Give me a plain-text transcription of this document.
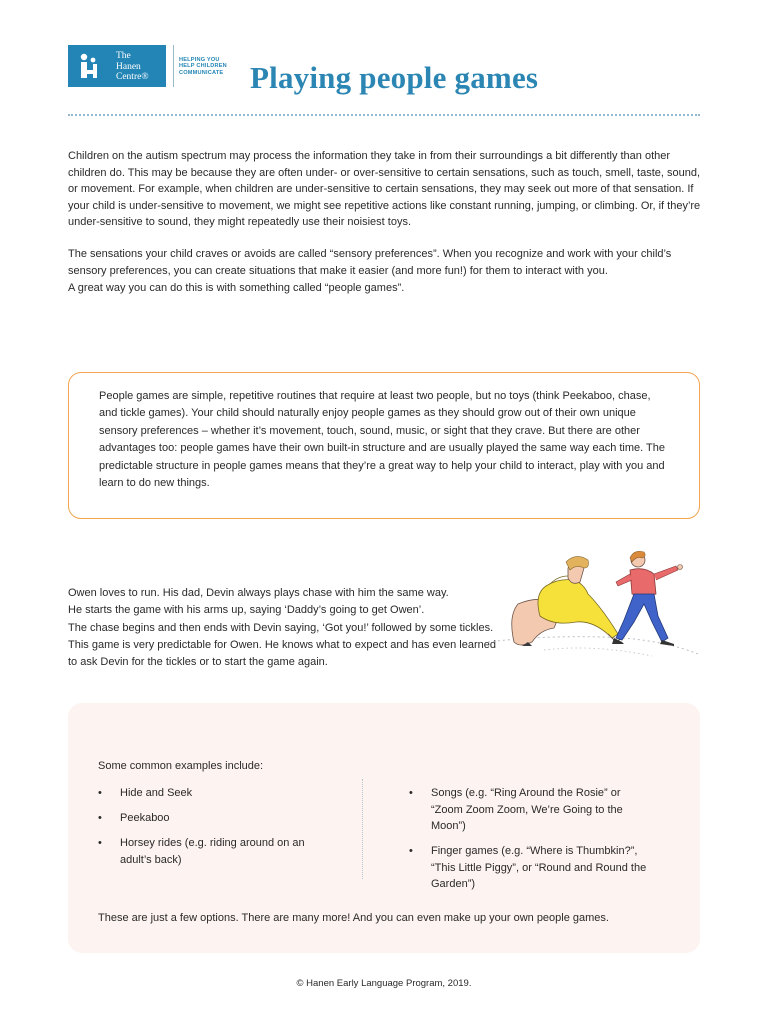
The
Hanen
Centre®
HELPING YOU
HELP CHILDREN
COMMUNICATE Playing people games

Children on the autism spectrum may process the information they take in from their surroundings a bit differently than other children do. This may be because they are often under- or over-sensitive to certain sensations, such as touch, smell, taste, sound, or movement. For example, when children are under-sensitive to certain sensations, they may seek out more of that sensation. If your child is under-sensitive to movement, we might see repetitive actions like constant running, jumping, or climbing. Or, if they’re under-sensitive to sound, they might repeatedly use their noisiest toys.

The sensations your child craves or avoids are called “sensory preferences”. When you recognize and work with your child’s sensory preferences, you can create situations that make it easier (and more fun!) for them to interact with you.

A great way you can do this is with something called “people games”.

People games are simple, repetitive routines that require at least two people, but no toys (think Peekaboo, chase, and tickle games). Your child should naturally enjoy people games as they should grow out of their own unique sensory preferences – whether it’s movement, touch, sound, music, or sight that they crave. But there are other advantages too: people games have their own built-in structure and are usually played the same way each time. The predictable structure in people games means that they’re a great way to help your child to interact, play with you and learn to do new things.

Owen loves to run. His dad, Devin always plays chase with him the same way.

He starts the game with his arms up, saying ‘Daddy’s going to get Owen’.

The chase begins and then ends with Devin saying, ‘Got you!’ followed by some tickles. This game is very predictable for Owen. He knows what to expect and has even learned to ask Devin for the tickles or to start the game again.

Some common examples include:

• Hide and Seek
• Peekaboo
• Horsey rides (e.g. riding around on an adult’s back)
• Songs (e.g. “Ring Around the Rosie” or “Zoom Zoom Zoom, We’re Going to the Moon”)
• Finger games (e.g. “Where is Thumbkin?”, “This Little Piggy”, or “Round and Round the Garden”)

These are just a few options. There are many more! And you can even make up your own people games.

© Hanen Early Language Program, 2019.
